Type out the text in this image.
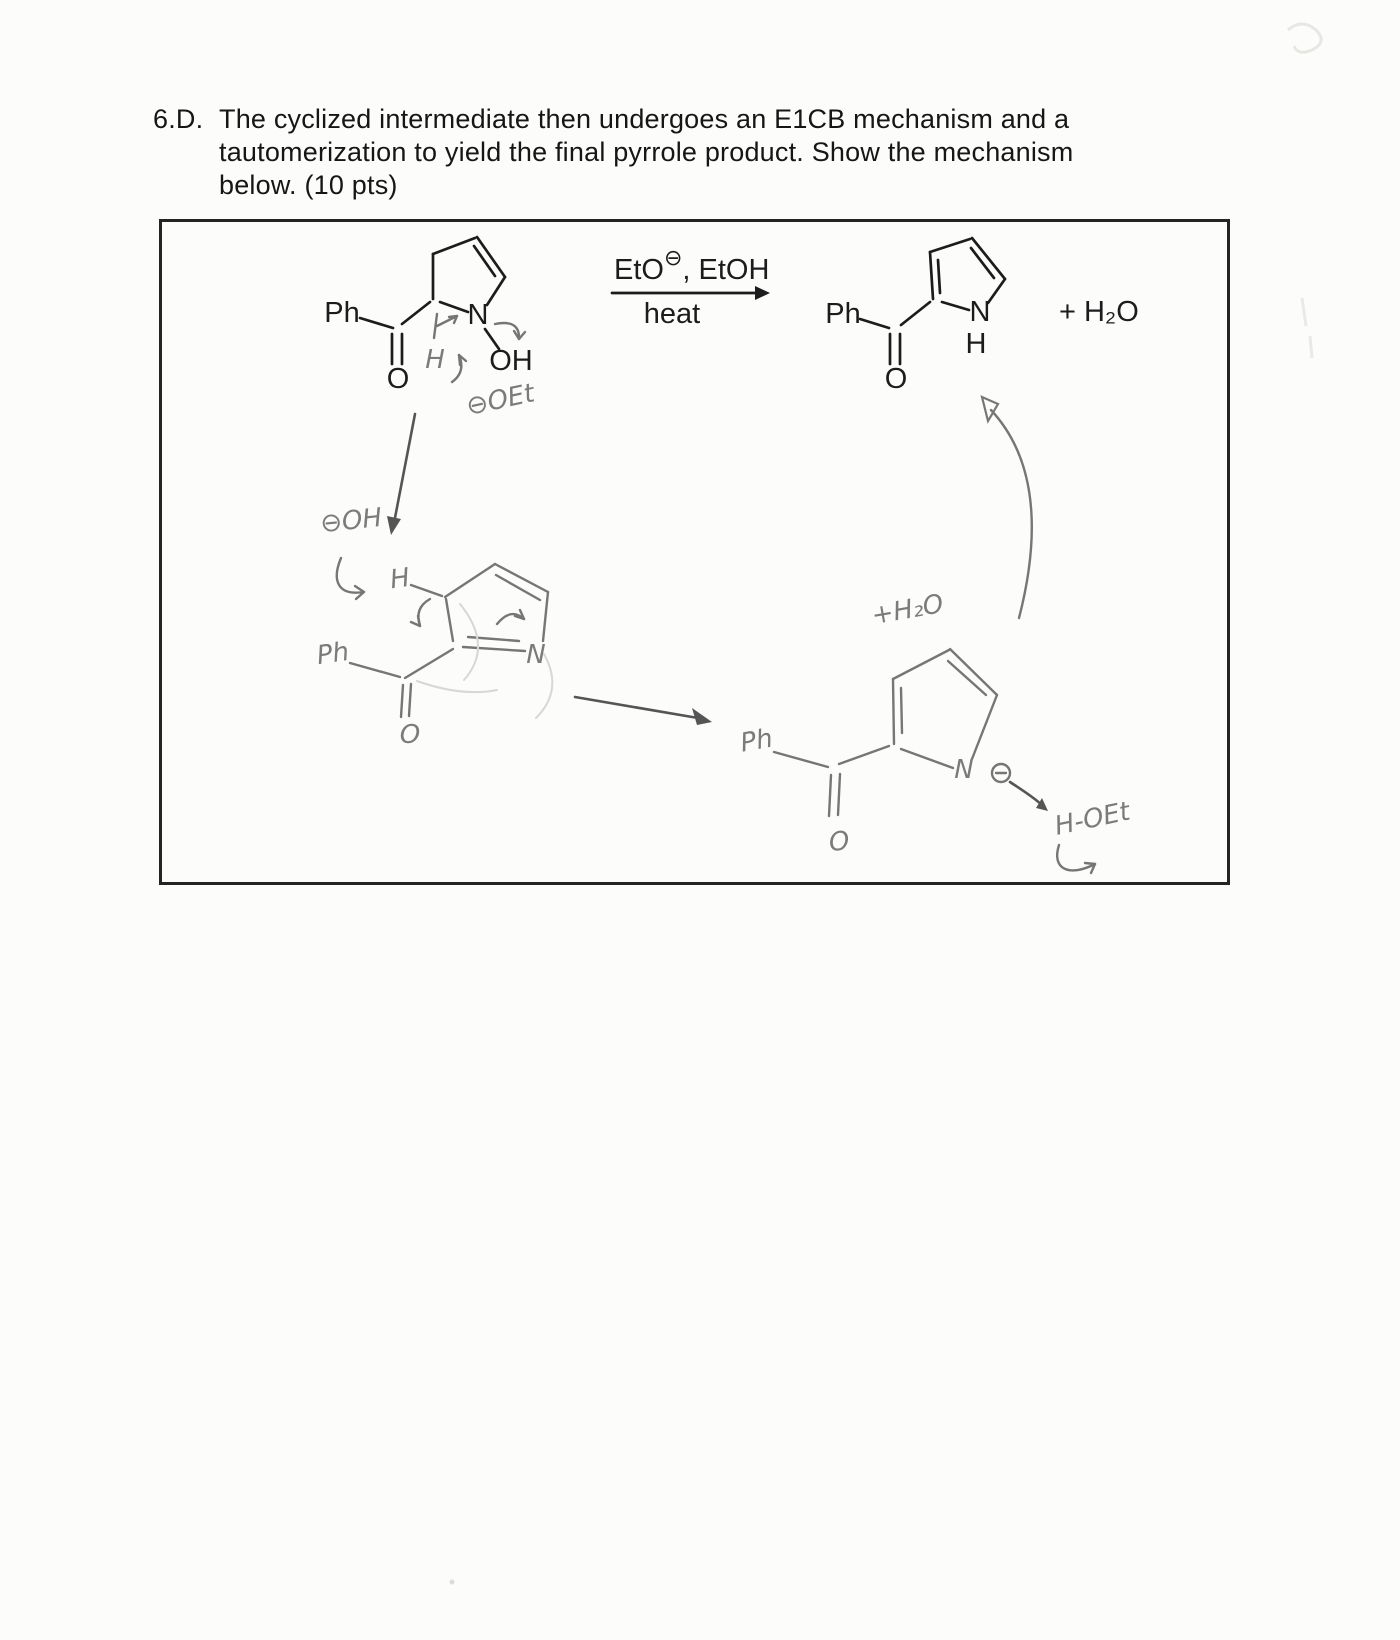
6.D. The cyclized intermediate then undergoes an E1CB mechanism and a
tautomerization to yield the final pyrrole product. Show the mechanism
below. (10 pts)
Ph
O
N
OH
H
⊖OEt
EtO⊖, EtOH
heat	Ph
O
N
H
+ H₂O
⊖OH
H
N
Ph
O	Ph
O
N
H-OEt
+H₂O
